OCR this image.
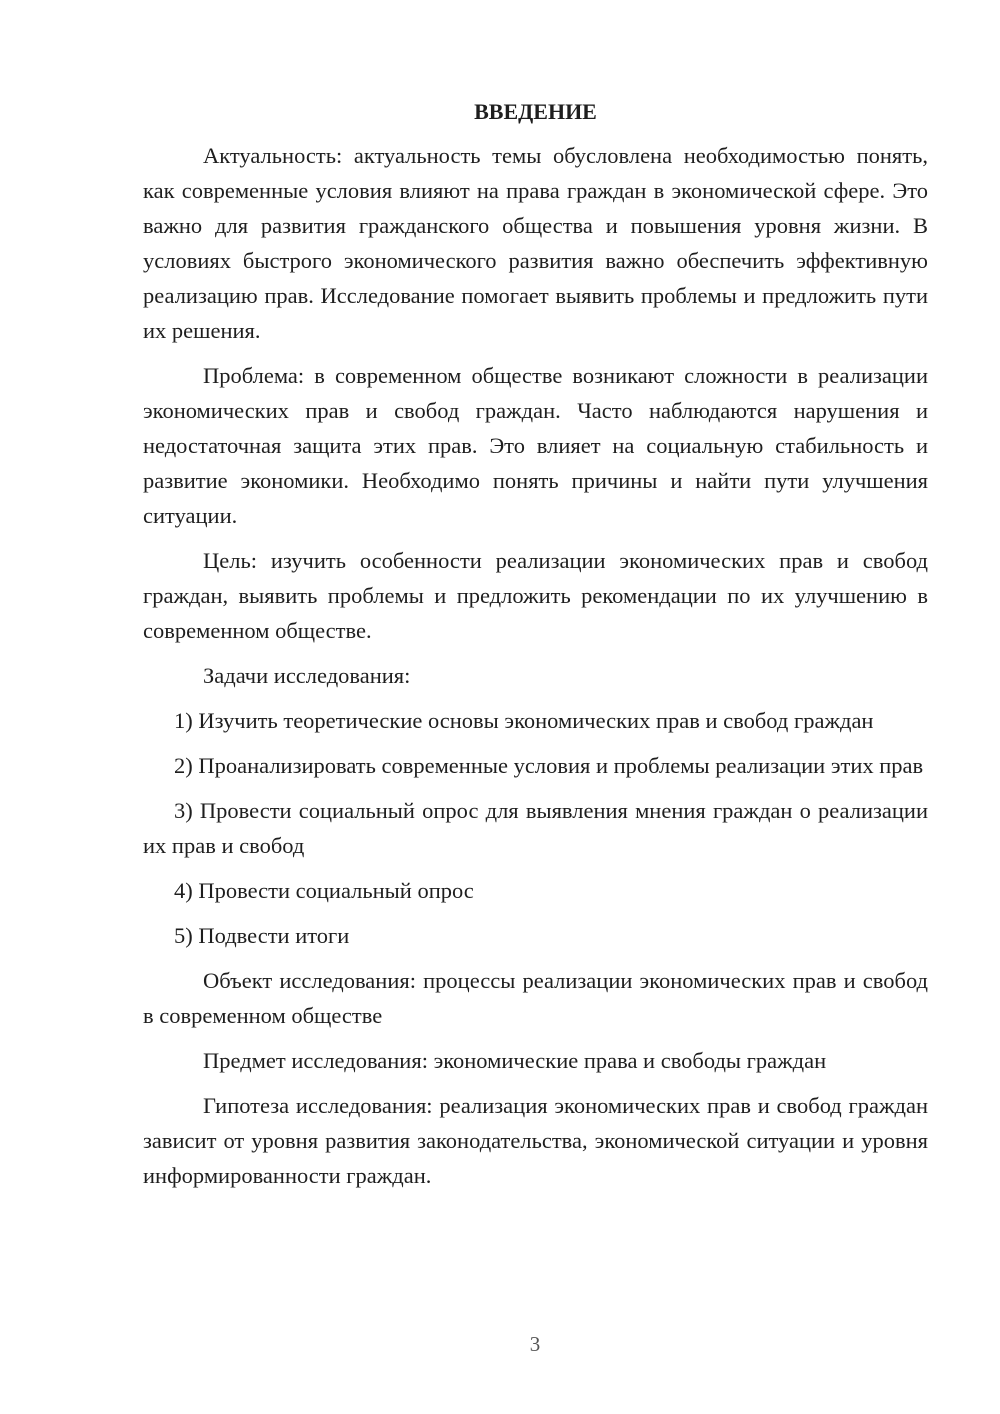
ВВЕДЕНИЕ

Актуальность: актуальность темы обусловлена необходимостью понять, как современные условия влияют на права граждан в экономической сфере. Это важно для развития гражданского общества и повышения уровня жизни. В условиях быстрого экономического развития важно обеспечить эффективную реализацию прав. Исследование помогает выявить проблемы и предложить пути их решения.

Проблема: в современном обществе возникают сложности в реализации экономических прав и свобод граждан. Часто наблюдаются нарушения и недостаточная защита этих прав. Это влияет на социальную стабильность и развитие экономики. Необходимо понять причины и найти пути улучшения ситуации.

Цель: изучить особенности реализации экономических прав и свобод граждан, выявить проблемы и предложить рекомендации по их улучшению в современном обществе.

Задачи исследования:

1) Изучить теоретические основы экономических прав и свобод граждан

2) Проанализировать современные условия и проблемы реализации этих прав

3) Провести социальный опрос для выявления мнения граждан о реализации их прав и свобод

4) Провести социальный опрос

5) Подвести итоги

Объект исследования: процессы реализации экономических прав и свобод в современном обществе

Предмет исследования: экономические права и свободы граждан

Гипотеза исследования: реализация экономических прав и свобод граждан зависит от уровня развития законодательства, экономической ситуации и уровня информированности граждан.

3
